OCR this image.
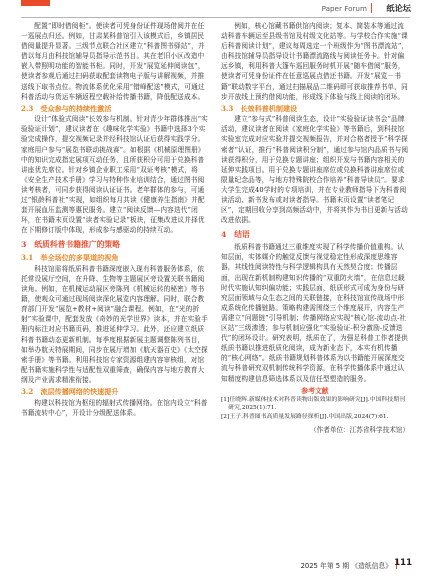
Paper Forum 纸论坛

配置“即时借阅柜”。使读者可凭身份证件现场借阅并在任一巡展点归还。例如，甘肃某科普馆引入该模式后，乡镇居民借阅量提升显著。三级节点联合社区建立“科普图书驿站”，并借以每月由科技馆辅导员指导示范书目。其在老旧小区改造中嵌入带照明功能的智能书柜。同时，开发“展览延伸阅读包”，使读者参观后通过扫码获取配套读物电子版与讲解视频，并推送线下取书点位。物流体系优化采用“错峰配送”模式，可通过科普活动与货运车辆返程空载补给传播书籍，降低配送成本。

2.3　受众参与的持续性激活

设计“体验式阅读”长效参与机制。针对青少年群体推出“实验验证计划”，建议读者在《趣味化学实验》书籍中选择3个实验完成操作，提交视频记录并经科技馆认证后获得实践学分。家庭用户参与“展览书联动挑战赛”。如根据《机械原理图册》中的知识完成指定展项互动任务，且所获积分可用于兑换科普讲座优先席位。针对乡镇企业职工采用“双证考核”模式，将《安全生产技术手册》学习与特种作业培训结合，通过图书阅读考核者，可同步获得阅读认证证书。老年群体的参与，可通过“银龄科普社”实现，如组织每月共读《健康养生指南》并配套开展血压监测等惠民服务。建立“阅读反馈—内容迭代”闭环，在书籍末页设置“读者实验记录”板块，征集改进议并择优在下期修订版中体现，形成参与感驱动的持续互动。

3　纸质科普书籍推广的策略

3.1　举全场位的多渠道的视角

科技馆需将纸质科普书籍深度嵌入现有科普服务体系，依托常设展厅空间，在升降、生物等主题展区旁设置关联书籍阅读角。例如，在机械运动展区旁陈列《机械运转的秘密》等书籍，使观众可通过现场阅读深化展览内容理解。同时，联合教育部门开发“展览+教材+阅读”融合课程。例如，在“光的折射”实验课中，配套发放《奇妙的光学世界》读本，并在实验手册内标注对应书籍页码，推进延伸学习。此外，还应建立纸质科普书籍动态更新机制。每季度根据新展主题调整陈列书目，如举办航天特展期间，同步在展厅增加《航天器百史》《太空探索手册》等书籍。利用科技馆专家资源组建内容审核组，对馆配书籍实施科学性与适配性双重筛查，确保内容与地方教育大纲及产业需求精准衔接。

3.2　流层传播网络的快速提升

构建以科技馆为枢纽的辐射式传播网络。在馆内设立“科普书籍流转中心”，开设计分级配送体系。

例如，核心馆藏书籍供馆内阅读；复本、简装本等通过流动科普车辆运至县级书馆及村级文化站等。与学校合作实施“课后科普阅读计划”，建议每周选定一个班级作为“图书漂流站”，由科技馆辅导员指导设计书籍漂流路线与阅读任务卡。针对偏远乡镇，利用科普大篷车巡回服务时机开展“随车借阅”服务，使读者可凭身份证件在任意巡展点借还书籍。开发“展览－书籍”联动数字平台，通过扫描展品二维码即可获取推荐书单，同步开放线上预约借阅功能，形成线下体验与线上阅读的闭环。

3.3　长效科普机制建设

建立“参与式”科普阅读生态，设计“实验验证读书会”品牌活动，建议读者在阅读《家庭化学实验》等书籍后，到科技馆实验室完成对应实验并提交视频报告，并对合格者授予“科学探索者”认证，推行“科普阅读积分制”，通过参与馆内品质书与阅读获得积分，用于兑换专题讲座；组织开发与书籍内容相关的延伸实践项目。用于兑换专题讲座席位或兑换科普讲座席位或限量纪念品等，与地方特殊院校合作培养“科普导读员”。要求大学生完成40学时的专项培训，并在专业教师指导下为科普阅读活动、新书发布或对读者指导。书籍末页设置“读者笔记区”，定期回收分享到高频活动中，并将其作为书目更新与活动改进依据。

4　结语

纸质科普书籍通过三重维度实现了科学传播价值重构。认知层面，实体媒介的触觉反馈与视觉稳定性形成深度思维容器，其线性阅读特性与科学逻辑构具有天然契合度；传播层面，出现在新机制构建知识传播的“双重防火墙”，在信息过载时代实施认知纠偏功能；实践层面，纸质形式可成为身份与研究层面领域与众生态之间的关联链接，在科技馆宣传战场中形成系统化传播链路。策略构建需围绕三个维度展开，内容生产需建立“问题链”引导机制；传播网络应实现“核心馆-流动点-社区站”三级渗透；参与机制应强化“实验验证-积分激励-反馈迭代”的闭环设计。研究表明，纸质在了，为强足科普工作者提供纸质书籍以推进纸质化阅读，成为新业态下，本实有机传播的“核心网络”。纸质书籍规划科普体系为以书籍能开展深度交流与科普研究双机制传统科学资源，在科学传播体系中通过认知精度构建信息筛选体系以及信任型塑造的服务。

参考文献

[1]任晓辉.新媒体技术对科普读物出版效果的影响研究[J].中国科技期刊研究,2025(1):71.

[2]王子.科普图书高质量发展路径探析[J].中国出版,2024(7):61.

（作者单位：江苏省科学技术馆）

2025 年第 5 期 《造纸信息》 111
